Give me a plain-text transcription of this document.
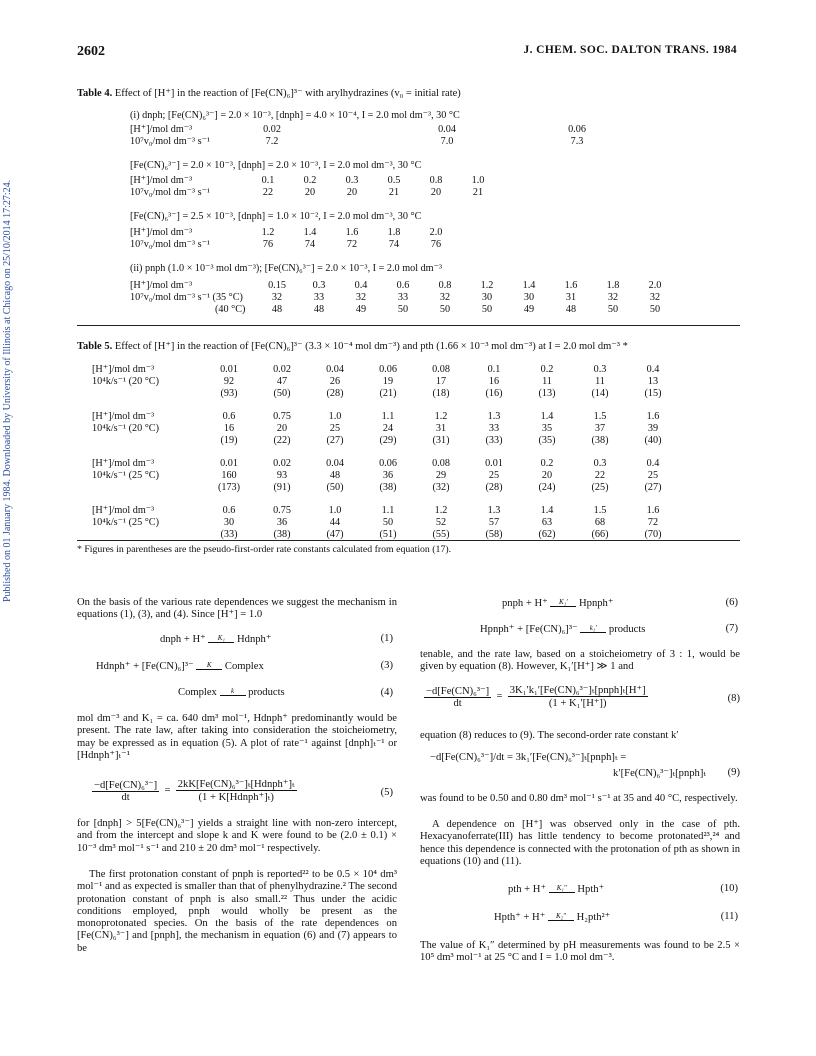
Published on 01 January 1984. Downloaded by University of Illinois at Chicago on 25/10/2014 17:27:24.
2602	J. CHEM. SOC. DALTON TRANS. 1984
Table 4. Effect of [H⁺] in the reaction of [Fe(CN)₆]³⁻ with arylhydrazines (v₀ = initial rate)
(i) dnph; [Fe(CN)₆³⁻] = 2.0 × 10⁻³, [dnph] = 4.0 × 10⁻⁴, I = 2.0 mol dm⁻³, 30 °C
[H⁺]/mol dm⁻³	0.02	0.04	0.06
10⁷v₀/mol dm⁻³ s⁻¹	7.2	7.0	7.3
[Fe(CN)₆³⁻] = 2.0 × 10⁻³, [dnph] = 2.0 × 10⁻³, I = 2.0 mol dm⁻³, 30 °C
[H⁺]/mol dm⁻³	0.1	0.2	0.3	0.5	0.8	1.0
10⁷v₀/mol dm⁻³ s⁻¹	22	20	20	21	20	21
[Fe(CN)₆³⁻] = 2.5 × 10⁻³, [dnph] = 1.0 × 10⁻², I = 2.0 mol dm⁻³, 30 °C
[H⁺]/mol dm⁻³	1.2	1.4	1.6	1.8	2.0
10⁷v₀/mol dm⁻³ s⁻¹	76	74	72	74	76
(ii) pnph (1.0 × 10⁻³ mol dm⁻³); [Fe(CN)₆³⁻] = 2.0 × 10⁻³, I = 2.0 mol dm⁻³
[H⁺]/mol dm⁻³	0.15	0.3	0.4	0.6	0.8	1.2	1.4	1.6	1.8	2.0
10⁷v₀/mol dm⁻³ s⁻¹ (35 °C)	32	33	32	33	32	30	30	31	32	32
(40 °C)	48	48	49	50	50	50	49	48	50	50
Table 5. Effect of [H⁺] in the reaction of [Fe(CN)₆]³⁻ (3.3 × 10⁻⁴ mol dm⁻³) and pth (1.66 × 10⁻³ mol dm⁻³) at I = 2.0 mol dm⁻³ *
[H⁺]/mol dm⁻³	0.01	0.02	0.04	0.06	0.08	0.1	0.2	0.3	0.4
10⁴k/s⁻¹ (20 °C)	92	47	26	19	17	16	11	11	13
(93)	(50)	(28)	(21)	(18)	(16)	(13)	(14)	(15)
[H⁺]/mol dm⁻³	0.6	0.75	1.0	1.1	1.2	1.3	1.4	1.5	1.6
10⁴k/s⁻¹ (20 °C)	16	20	25	24	31	33	35	37	39
(19)	(22)	(27)	(29)	(31)	(33)	(35)	(38)	(40)
[H⁺]/mol dm⁻³	0.01	0.02	0.04	0.06	0.08	0.01	0.2	0.3	0.4
10⁴k/s⁻¹ (25 °C)	160	93	48	36	29	25	20	22	25
(173)	(91)	(50)	(38)	(32)	(28)	(24)	(25)	(27)
[H⁺]/mol dm⁻³	0.6	0.75	1.0	1.1	1.2	1.3	1.4	1.5	1.6
10⁴k/s⁻¹ (25 °C)	30	36	44	50	52	57	63	68	72
(33)	(38)	(47)	(51)	(55)	(58)	(62)	(66)	(70)
* Figures in parentheses are the pseudo-first-order rate constants calculated from equation (17).

On the basis of the various rate dependences we suggest the mechanism in equations (1), (3), and (4). Since [H⁺] = 1.0

dnph + H⁺	K₁	Hdnph⁺	(1)
Hdnph⁺ + [Fe(CN)₆]³⁻	K	Complex	(3)
Complex	k	products	(4)

mol dm⁻³ and K₁ = ca. 640 dm³ mol⁻¹, Hdnph⁺ predominantly would be present. The rate law, after taking into consideration the stoicheiometry, may be expressed as in equation (5). A plot of rate⁻¹ against [dnph]ₜ⁻¹ or [Hdnph⁺]ₜ⁻¹

$\frac{\text{−d[Fe(CN)₆³⁻]}}{dt} = \frac{\text{2kK[Fe(CN)₆³⁻]ₜ[Hdnph⁺]ₜ}}{\text{(1 + K[Hdnph⁺]ₜ)}}$	(5)

for [dnph] > 5[Fe(CN)₆³⁻] yields a straight line with non-zero intercept, and from the intercept and slope k and K were found to be (2.0 ± 0.1) × 10⁻³ dm³ mol⁻¹ s⁻¹ and 210 ± 20 dm³ mol⁻¹ respectively.

The first protonation constant of pnph is reported²² to be 0.5 × 10⁴ dm³ mol⁻¹ and as expected is smaller than that of phenylhydrazine.² The second protonation constant of pnph is also small.²² Thus under the acidic conditions employed, pnph would wholly be present as the monoprotonated species. On the basis of the rate dependences on [Fe(CN)₆³⁻] and [pnph], the mechanism in equation (6) and (7) appears to be

pnph + H⁺	K₁′	Hpnph⁺	(6)
Hpnph⁺ + [Fe(CN)₆]³⁻	k₁′	products	(7)

tenable, and the rate law, based on a stoicheiometry of 3 : 1, would be given by equation (8). However, K₁′[H⁺] ≫ 1 and

$\frac{\text{−d[Fe(CN)₆³⁻]}}{dt} = \frac{\text{3K₁′k₁′[Fe(CN)₆³⁻]ₜ[pnph]ₜ[H⁺]}}{\text{(1 + K₁′[H⁺])}}$	(8)

equation (8) reduces to (9). The second-order rate constant k′

−d[Fe(CN)₆³⁻]/dt = 3k₁′[Fe(CN)₆³⁻]ₜ[pnph]ₜ =
k′[Fe(CN)₆³⁻]ₜ[pnph]ₜ (9)

was found to be 0.50 and 0.80 dm³ mol⁻¹ s⁻¹ at 35 and 40 °C, respectively.

A dependence on [H⁺] was observed only in the case of pth. Hexacyanoferrate(III) has little tendency to become protonated²³,²⁴ and hence this dependence is connected with the protonation of pth as shown in equations (10) and (11).

pth + H⁺	K₁″	Hpth⁺	(10)
Hpth⁺ + H⁺	K₂″	H₂pth²⁺	(11)

The value of K₁″ determined by pH measurements was found to be 2.5 × 10⁵ dm³ mol⁻¹ at 25 °C and I = 1.0 mol dm⁻³.
